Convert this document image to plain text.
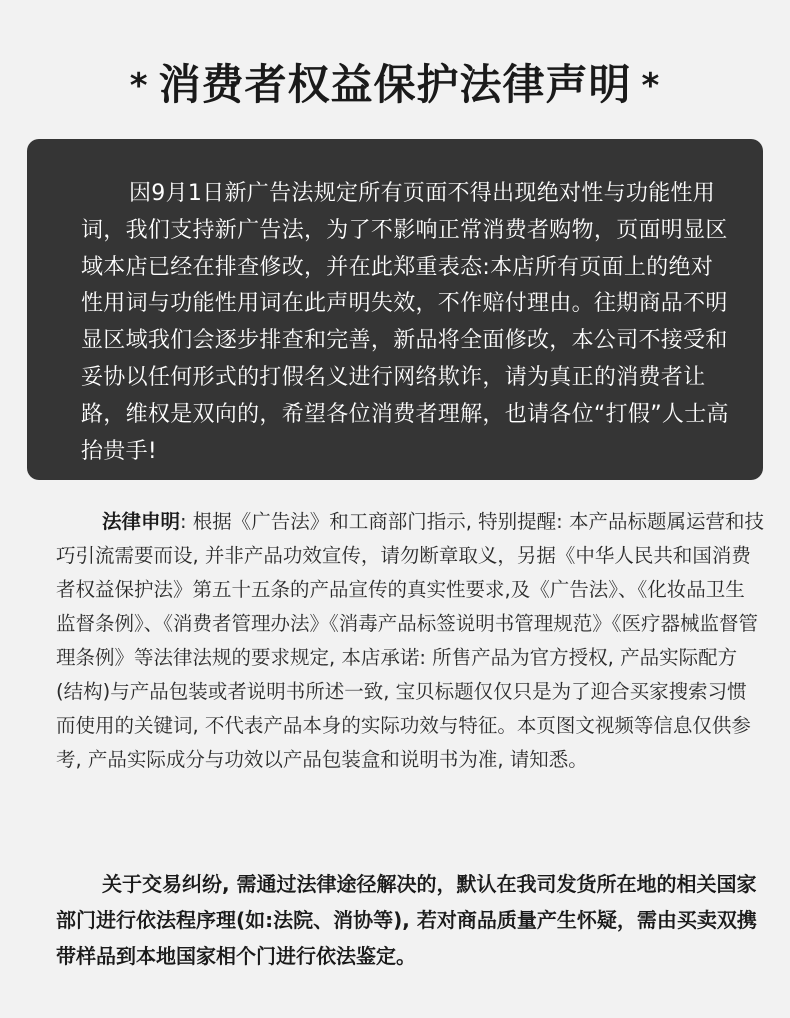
* 消费者权益保护法律声明 *

因9月1日新广告法规定所有页面不得出现绝对性与功能性用词，我们支持新广告法，为了不影响正常消费者购物，页面明显区域本店已经在排查修改，并在此郑重表态:本店所有页面上的绝对性用词与功能性用词在此声明失效，不作赔付理由。往期商品不明显区域我们会逐步排查和完善，新品将全面修改，本公司不接受和妥协以任何形式的打假名义进行网络欺诈，请为真正的消费者让路，维权是双向的，希望各位消费者理解，也请各位“打假”人士高抬贵手!

法律申明: 根据《广告法》和工商部门指示, 特别提醒: 本产品标题属运营和技巧引流需要而设, 并非产品功效宣传，请勿断章取义，另据《中华人民共和国消费者权益保护法》第五十五条的产品宣传的真实性要求,及《广告法》、《化妆品卫生监督条例》、《消费者管理办法》《消毒产品标签说明书管理规范》《医疗器械监督管理条例》等法律法规的要求规定, 本店承诺: 所售产品为官方授权, 产品实际配方(结构)与产品包装或者说明书所述一致, 宝贝标题仅仅只是为了迎合买家搜索习惯而使用的关键词, 不代表产品本身的实际功效与特征。本页图文视频等信息仅供参考, 产品实际成分与功效以产品包装盒和说明书为准, 请知悉。

关于交易纠纷, 需通过法律途径解决的，默认在我司发货所在地的相关国家部门进行依法程序理(如:法院、消协等), 若对商品质量产生怀疑，需由买卖双携带样品到本地国家相个门进行依法鉴定。
